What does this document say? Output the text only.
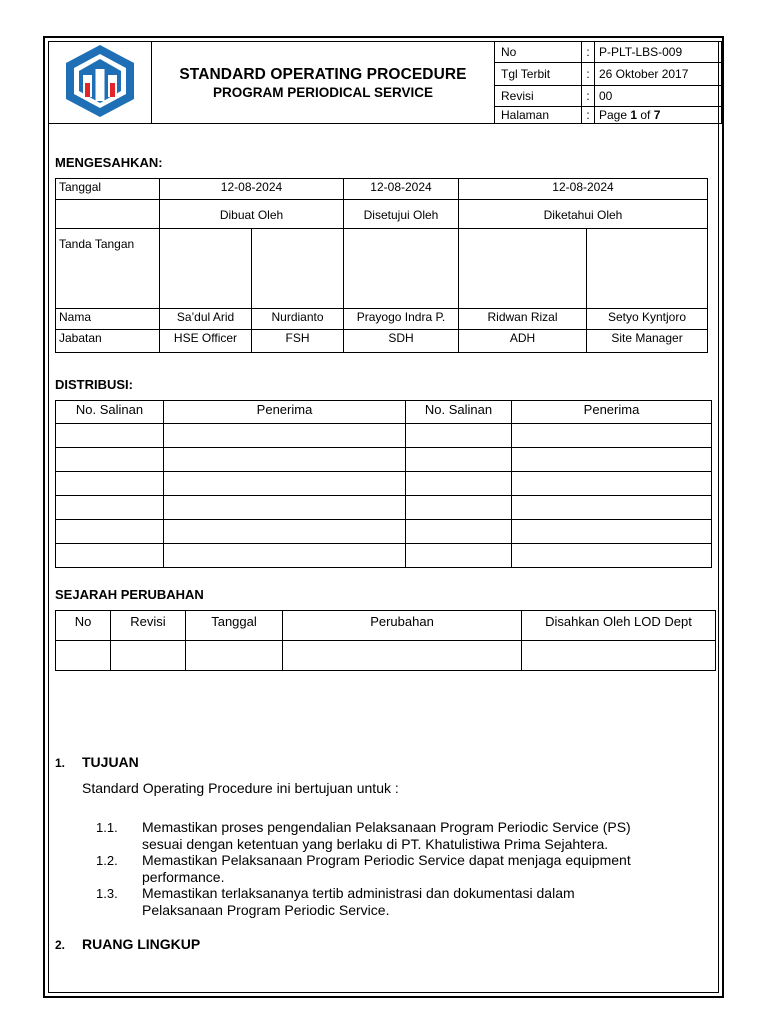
STANDARD OPERATING PROCEDURE
PROGRAM PERIODICAL SERVICE	No	:	P-PLT-LBS-009
		Tgl Terbit	:	26 Oktober 2017
		Revisi	:	00
		Halaman	:	Page 1 of 7
MENGESAHKAN:
Tanggal	12-08-2024		12-08-2024	12-08-2024	
	Dibuat Oleh		Disetujui Oleh	Diketahui Oleh	
Tanda Tangan					
Nama	Sa’dul Arid	Nurdianto	Prayogo Indra P.	Ridwan Rizal	Setyo Kyntjoro
Jabatan	HSE Officer	FSH	SDH	ADH	Site Manager
DISTRIBUSI:
No. Salinan	Penerima	No. Salinan	Penerima

SEJARAH PERUBAHAN
No	Revisi	Tanggal	Perubahan	Disahkan Oleh LOD Dept

1. TUJUAN
Standard Operating Procedure ini bertujuan untuk :
1.1. Memastikan proses pengendalian Pelaksanaan Program Periodic Service (PS)
sesuai dengan ketentuan yang berlaku di PT. Khatulistiwa Prima Sejahtera.
1.2. Memastikan Pelaksanaan Program Periodic Service dapat menjaga equipment
performance.
1.3. Memastikan terlaksananya tertib administrasi dan dokumentasi dalam
Pelaksanaan Program Periodic Service.
2. RUANG LINGKUP
